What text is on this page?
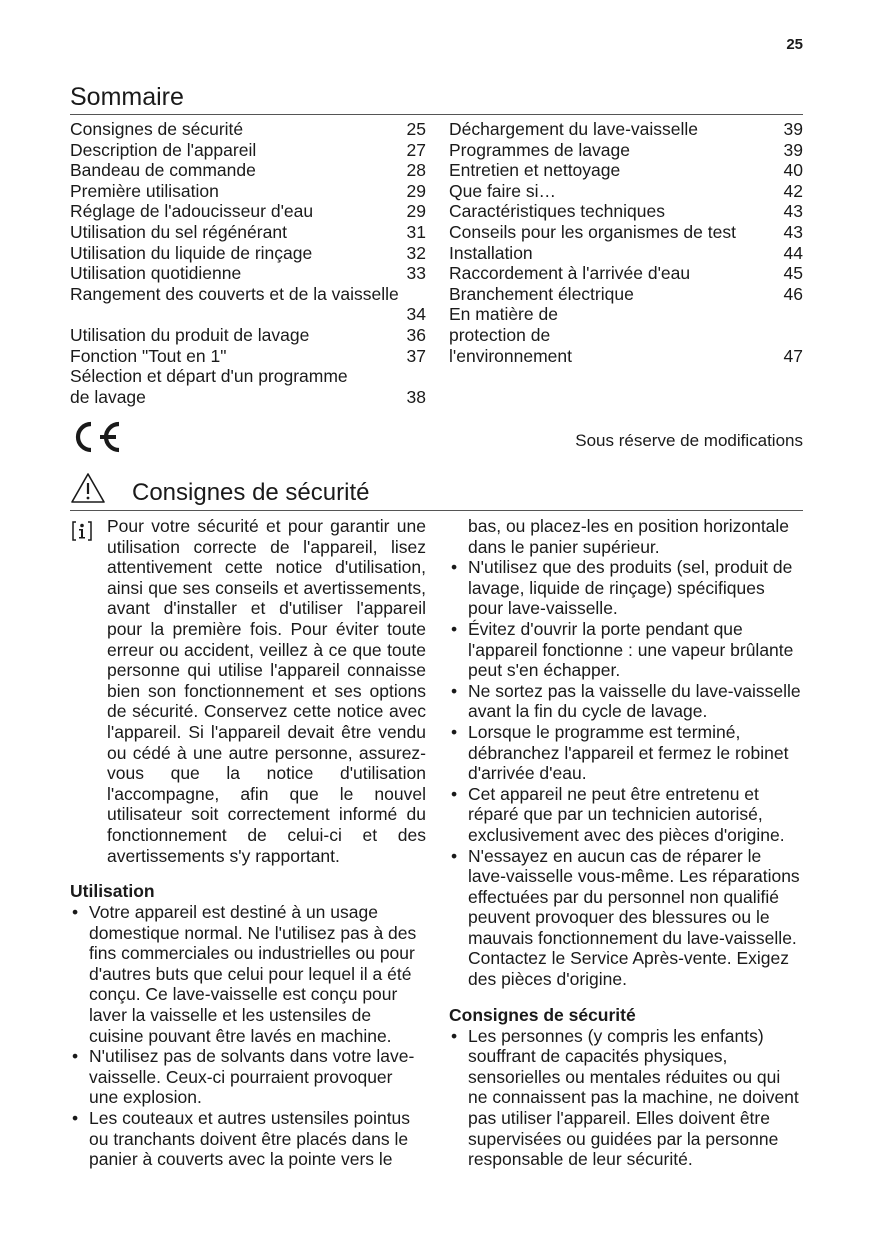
25
Sommaire
Consignes de sécurité	25
Description de l'appareil	27
Bandeau de commande	28
Première utilisation	29
Réglage de l'adoucisseur d'eau	29
Utilisation du sel régénérant	31
Utilisation du liquide de rinçage	32
Utilisation quotidienne	33
Rangement des couverts et de la vaisselle
34
Utilisation du produit de lavage	36
Fonction "Tout en 1"	37
Sélection et départ d'un programme de lavage	38
Déchargement du lave-vaisselle	39
Programmes de lavage	39
Entretien et nettoyage	40
Que faire si…	42
Caractéristiques techniques	43
Conseils pour les organismes de test	43
Installation	44
Raccordement à l'arrivée d'eau	45
Branchement électrique	46
En matière de protection de l'environnement	47
Sous réserve de modifications
Consignes de sécurité
Pour votre sécurité et pour garantir une utilisation correcte de l'appareil, lisez attentivement cette notice d'utilisation, ainsi que ses conseils et avertissements, avant d'installer et d'utiliser l'appareil pour la première fois. Pour éviter toute erreur ou accident, veillez à ce que toute personne qui utilise l'appareil connaisse bien son fonctionnement et ses options de sécurité. Conservez cette notice avec l'appareil. Si l'appareil devait être vendu ou cédé à une autre personne, assurez-vous que la notice d'utilisation l'accompagne, afin que le nouvel utilisateur soit correctement informé du fonctionnement de celui-ci et des avertissements s'y rapportant.
Utilisation
• Votre appareil est destiné à un usage domestique normal. Ne l'utilisez pas à des fins commerciales ou industrielles ou pour d'autres buts que celui pour lequel il a été conçu. Ce lave-vaisselle est conçu pour laver la vaisselle et les ustensiles de cuisine pouvant être lavés en machine.
• N'utilisez pas de solvants dans votre lave-vaisselle. Ceux-ci pourraient provoquer une explosion.
• Les couteaux et autres ustensiles pointus ou tranchants doivent être placés dans le panier à couverts avec la pointe vers le

bas, ou placez-les en position horizontale dans le panier supérieur.

• N'utilisez que des produits (sel, produit de lavage, liquide de rinçage) spécifiques pour lave-vaisselle.
• Évitez d'ouvrir la porte pendant que l'appareil fonctionne : une vapeur brûlante peut s'en échapper.
• Ne sortez pas la vaisselle du lave-vaisselle avant la fin du cycle de lavage.
• Lorsque le programme est terminé, débranchez l'appareil et fermez le robinet d'arrivée d'eau.
• Cet appareil ne peut être entretenu et réparé que par un technicien autorisé, exclusivement avec des pièces d'origine.
• N'essayez en aucun cas de réparer le lave-vaisselle vous-même. Les réparations effectuées par du personnel non qualifié peuvent provoquer des blessures ou le mauvais fonctionnement du lave-vaisselle. Contactez le Service Après-vente. Exigez des pièces d'origine.
Consignes de sécurité
• Les personnes (y compris les enfants) souffrant de capacités physiques, sensorielles ou mentales réduites ou qui ne connaissent pas la machine, ne doivent pas utiliser l'appareil. Elles doivent être supervisées ou guidées par la personne responsable de leur sécurité.
